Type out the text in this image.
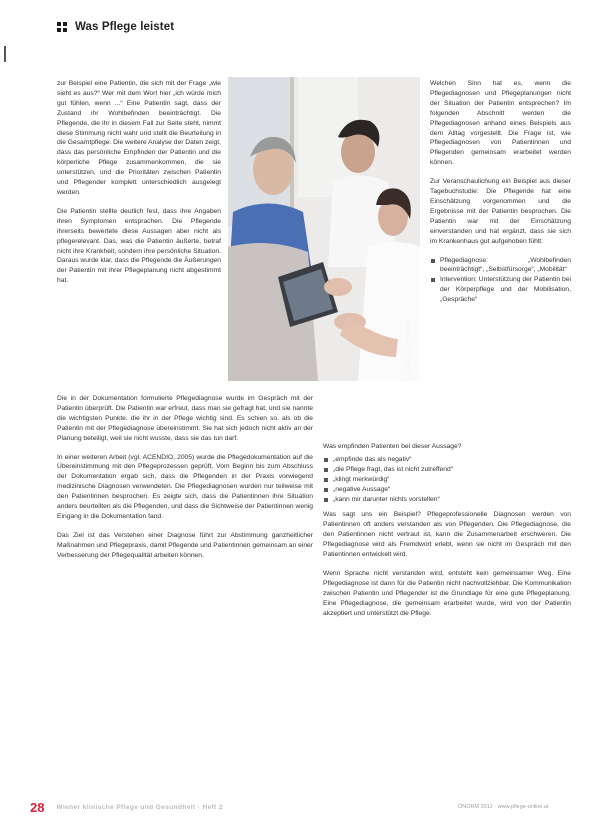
Was Pflege leistet

zur Beispiel eine Patientin, die sich mit der Frage „wie sieht es aus?“ Wer mit dem Wort hier „ich würde mich gut fühlen, wenn ...“ Eine Patientin sagt, dass der Zustand ihr Wohlbefinden beeinträchtigt. Die Pflegende, die ihr in diesem Fall zur Seite steht, nimmt diese Stimmung nicht wahr und stellt die Beurteilung in die Gesamtpflege. Die weitere Analyse der Daten zeigt, dass das persönliche Empfinden der Patientin und die körperliche Pflege zusammenkommen, die sie unterstützen, und die Prioritäten zwischen Patientin und Pflegender komplett unterschiedlich ausgelegt werden.

Die Patientin stellte deutlich fest, dass ihre Angaben ihren Symptomen entsprachen. Die Pflegende ihrerseits bewertete diese Aussagen aber nicht als pflegerelevant. Das, was die Patientin äußerte, betraf nicht ihre Krankheit, sondern ihre persönliche Situation. Daraus wurde klar, dass die Pflegende die Äußerungen der Patientin mit ihrer Pflegeplanung nicht abgestimmt hat.

Foto: © E. Ehlin, Photodisc

Welchen Sinn hat es, wenn die Pflegediagnosen und Pflegeplanungen nicht der Situation der Patientin entsprechen? Im folgenden Abschnitt werden die Pflegediagnosen anhand eines Beispiels aus dem Alltag vorgestellt. Die Frage ist, wie Pflegediagnosen von Patientinnen und Pflegenden gemeinsam erarbeitet werden können.

Zur Veranschaulichung ein Beispiel aus dieser Tagebuchstudie: Die Pflegende hat eine Einschätzung vorgenommen und die Ergebnisse mit der Patientin besprochen. Die Patientin war mit der Einschätzung einverstanden und hat ergänzt, dass sie sich im Krankenhaus gut aufgehoben fühlt:

Pflegediagnose: „Wohlbefinden beeinträchtigt“, „Selbstfürsorge“, „Mobilität“
Intervention: Unterstützung der Patientin bei der Körperpflege und der Mobilisation, „Gespräche“

Die in der Dokumentation formulierte Pflegediagnose wurde im Gespräch mit der Patientin überprüft. Die Patientin war erfreut, dass man sie gefragt hat, und sie nannte die wichtigsten Punkte, die ihr in der Pflege wichtig sind. Es schien so, als ob die Patientin mit der Pflegediagnose übereinstimmt. Sie hat sich jedoch nicht aktiv an der Planung beteiligt, weil sie nicht wusste, dass sie das tun darf.

In einer weiteren Arbeit (vgl. ACENDIO, 2005) wurde die Pflegedokumentation auf die Übereinstimmung mit den Pflegeprozessen geprüft. Vom Beginn bis zum Abschluss der Dokumentation ergab sich, dass die Pflegenden in der Praxis vorwiegend medizinische Diagnosen verwendeten. Die Pflegediagnosen wurden nur teilweise mit den Patientinnen besprochen. Es zeigte sich, dass die Patientinnen ihre Situation anders beurteilten als die Pflegenden, und dass die Sichtweise der Patientinnen wenig Eingang in die Dokumentation fand.

Das Ziel ist das Verstehen einer Diagnose führt zur Abstimmung ganzheitlicher Maßnahmen und Pflegepraxis, damit Pflegende und Patientinnen gemeinsam an einer Verbesserung der Pflegequalität arbeiten können.

Was empfinden Patienten bei dieser Aussage?

„empfinde das als negativ“
„die Pflege fragt, das ist nicht zutreffend“
„klingt merkwürdig“
„negative Aussage“
„kann mir darunter nichts vorstellen“

Was sagt uns ein Beispiel? Pflegeprofessionelle Diagnosen werden von Patientinnen oft anders verstanden als von Pflegenden. Die Pflegediagnose, die den Patientinnen nicht vertraut ist, kann die Zusammenarbeit erschweren. Die Pflegediagnose wird als Fremdwort erlebt, wenn sie nicht im Gespräch mit den Patientinnen entwickelt wird.

Wenn Sprache nicht verstanden wird, entsteht kein gemeinsamer Weg. Eine Pflegediagnose ist dann für die Patientin nicht nachvollziehbar. Die Kommunikation zwischen Patientin und Pflegender ist die Grundlage für eine gute Pflegeplanung. Eine Pflegediagnose, die gemeinsam erarbeitet wurde, wird von der Patientin akzeptiert und unterstützt die Pflege.

28 Wiener klinische Pflege und Gesundheit · Heft 2	ÖNORM 2012 · www.pflege-online.at
